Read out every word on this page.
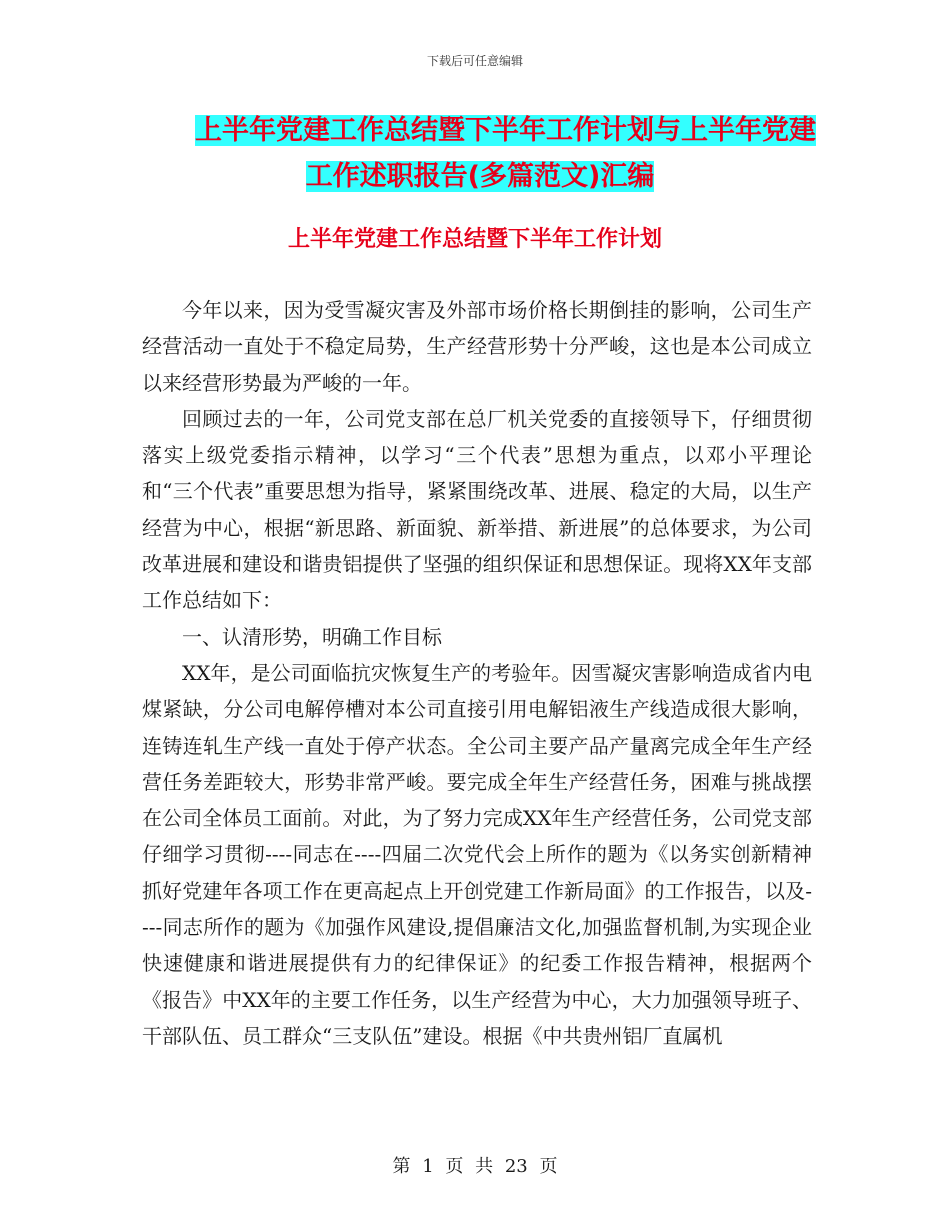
下载后可任意编辑
上半年党建工作总结暨下半年工作计划与上半年党建
工作述职报告(多篇范文)汇编
上半年党建工作总结暨下半年工作计划

今年以来，因为受雪凝灾害及外部市场价格长期倒挂的影响，公司生产经营活动一直处于不稳定局势，生产经营形势十分严峻，这也是本公司成立以来经营形势最为严峻的一年。

回顾过去的一年，公司党支部在总厂机关党委的直接领导下，仔细贯彻落实上级党委指示精神，以学习“三个代表”思想为重点，以邓小平理论和“三个代表”重要思想为指导，紧紧围绕改革、进展、稳定的大局，以生产经营为中心，根据“新思路、新面貌、新举措、新进展”的总体要求，为公司改革进展和建设和谐贵铝提供了坚强的组织保证和思想保证。现将XX年支部工作总结如下：

一、认清形势，明确工作目标

XX年，是公司面临抗灾恢复生产的考验年。因雪凝灾害影响造成省内电煤紧缺，分公司电解停槽对本公司直接引用电解铝液生产线造成很大影响，连铸连轧生产线一直处于停产状态。全公司主要产品产量离完成全年生产经营任务差距较大，形势非常严峻。要完成全年生产经营任务，困难与挑战摆在公司全体员工面前。对此，为了努力完成XX年生产经营任务，公司党支部仔细学习贯彻----同志在----四届二次党代会上所作的题为《以务实创新精神抓好党建年各项工作在更高起点上开创党建工作新局面》的工作报告，以及----同志所作的题为《加强作风建设,提倡廉洁文化,加强监督机制,为实现企业快速健康和谐进展提供有力的纪律保证》的纪委工作报告精神，根据两个《报告》中XX年的主要工作任务，以生产经营为中心，大力加强领导班子、干部队伍、员工群众“三支队伍”建设。根据《中共贵州铝厂直属机

第 1 页 共 23 页
